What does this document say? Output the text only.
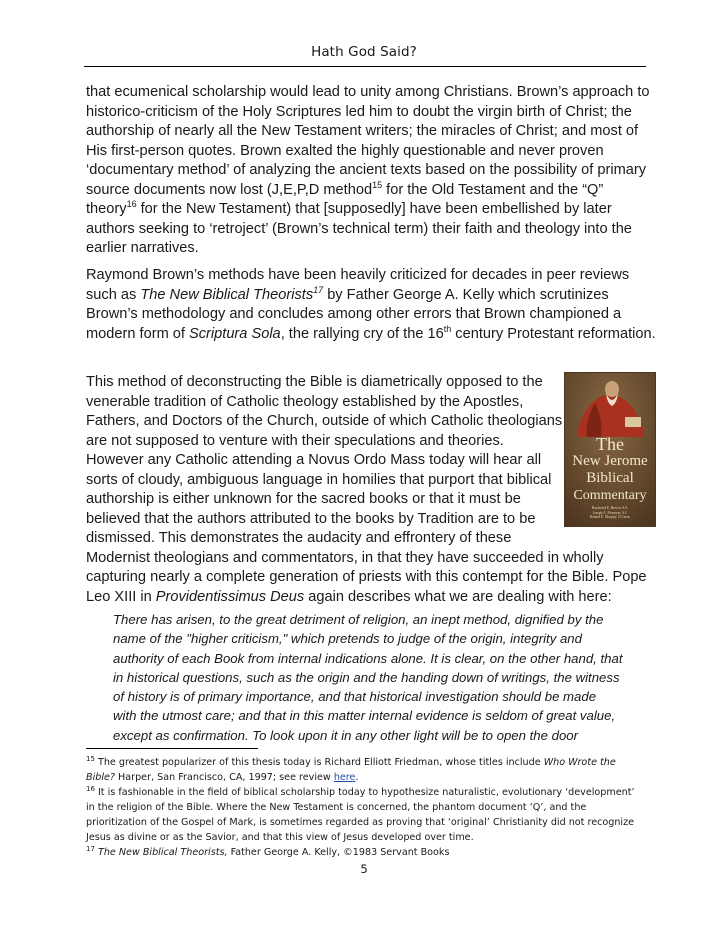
Hath God Said?

that ecumenical scholarship would lead to unity among Christians. Brown’s approach to historico-criticism of the Holy Scriptures led him to doubt the virgin birth of Christ; the authorship of nearly all the New Testament writers; the miracles of Christ; and most of His first-person quotes. Brown exalted the highly questionable and never proven ‘documentary method’ of analyzing the ancient texts based on the possibility of primary source documents now lost (J,E,P,D method$^{15}$ for the Old Testament and the “Q” theory$^{16}$ for the New Testament) that [supposedly] have been embellished by later authors seeking to ‘retroject’ (Brown’s technical term) their faith and theology into the earlier narratives.

Raymond Brown’s methods have been heavily criticized for decades in peer reviews such as The New Biblical Theorists$^{17}$ by Father George A. Kelly which scrutinizes Brown’s methodology and concludes among other errors that Brown championed a modern form of Scriptura Sola, the rallying cry of the 16th century Protestant reformation.

This method of deconstructing the Bible is diametrically opposed to the
venerable tradition of Catholic theology established by the Apostles,
Fathers, and Doctors of the Church, outside of which Catholic theologians
are not supposed to venture with their speculations and theories.
However any Catholic attending a Novus Ordo Mass today will hear all
sorts of cloudy, ambiguous language in homilies that purport that biblical
authorship is either unknown for the sacred books or that it must be
believed that the authors attributed to the books by Tradition are to be
dismissed. This demonstrates the audacity and effrontery of these
Modernist theologians and commentators, in that they have succeeded in wholly capturing nearly a complete generation of priests with this contempt for the Bible. Pope Leo XIII in Providentissimus Deus again describes what we are dealing with here:

The
New Jerome
Biblical
Commentary
Raymond E. Brown, S.S.
Joseph A. Fitzmyer, S.J.
Roland E. Murphy, O.Carm.
There has arisen, to the great detriment of religion, an inept method, dignified by the name of the "higher criticism," which pretends to judge of the origin, integrity and authority of each Book from internal indications alone. It is clear, on the other hand, that in historical questions, such as the origin and the handing down of writings, the witness of history is of primary importance, and that historical investigation should be made with the utmost care; and that in this matter internal evidence is seldom of great value, except as confirmation. To look upon it in any other light will be to open the door

$^{15}$ The greatest popularizer of this thesis today is Richard Elliott Friedman, whose titles include Who Wrote the Bible? Harper, San Francisco, CA, 1997; see review here.

$^{16}$ It is fashionable in the field of biblical scholarship today to hypothesize naturalistic, evolutionary ‘development’ in the religion of the Bible. Where the New Testament is concerned, the phantom document ‘Q’, and the prioritization of the Gospel of Mark, is sometimes regarded as proving that ‘original’ Christianity did not recognize Jesus as divine or as the Savior, and that this view of Jesus developed over time.

$^{17}$ The New Biblical Theorists, Father George A. Kelly, ©1983 Servant Books

5
